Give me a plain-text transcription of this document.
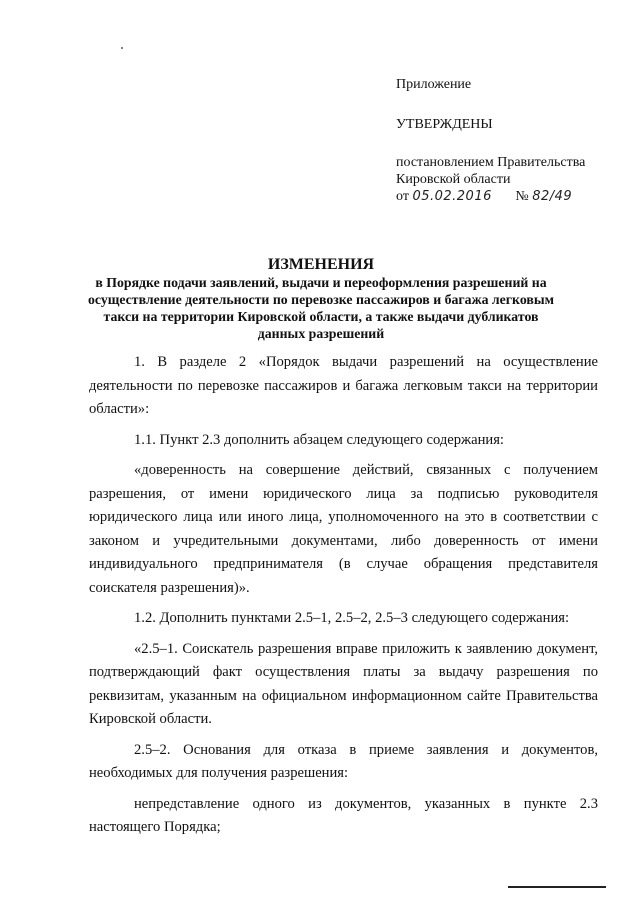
Приложение

УТВЕРЖДЕНЫ

постановлением Правительства
Кировской области
от 05.02.2016 № 82/49

ИЗМЕНЕНИЯ

в Порядке подачи заявлений, выдачи и переоформления разрешений на осуществление деятельности по перевозке пассажиров и багажа легковым такси на территории Кировской области, а также выдачи дубликатов данных разрешений

1. В разделе 2 «Порядок выдачи разрешений на осуществление деятельности по перевозке пассажиров и багажа легковым такси на территории области»:

1.1. Пункт 2.3 дополнить абзацем следующего содержания:

«доверенность на совершение действий, связанных с получением разрешения, от имени юридического лица за подписью руководителя юридического лица или иного лица, уполномоченного на это в соответствии с законом и учредительными документами, либо доверенность от имени индивидуального предпринимателя (в случае обращения представителя соискателя разрешения)».

1.2. Дополнить пунктами 2.5–1, 2.5–2, 2.5–3 следующего содержания:

«2.5–1. Соискатель разрешения вправе приложить к заявлению документ, подтверждающий факт осуществления платы за выдачу разрешения по реквизитам, указанным на официальном информационном сайте Правительства Кировской области.

2.5–2. Основания для отказа в приеме заявления и документов, необходимых для получения разрешения:

непредставление одного из документов, указанных в пункте 2.3 настоящего Порядка;
